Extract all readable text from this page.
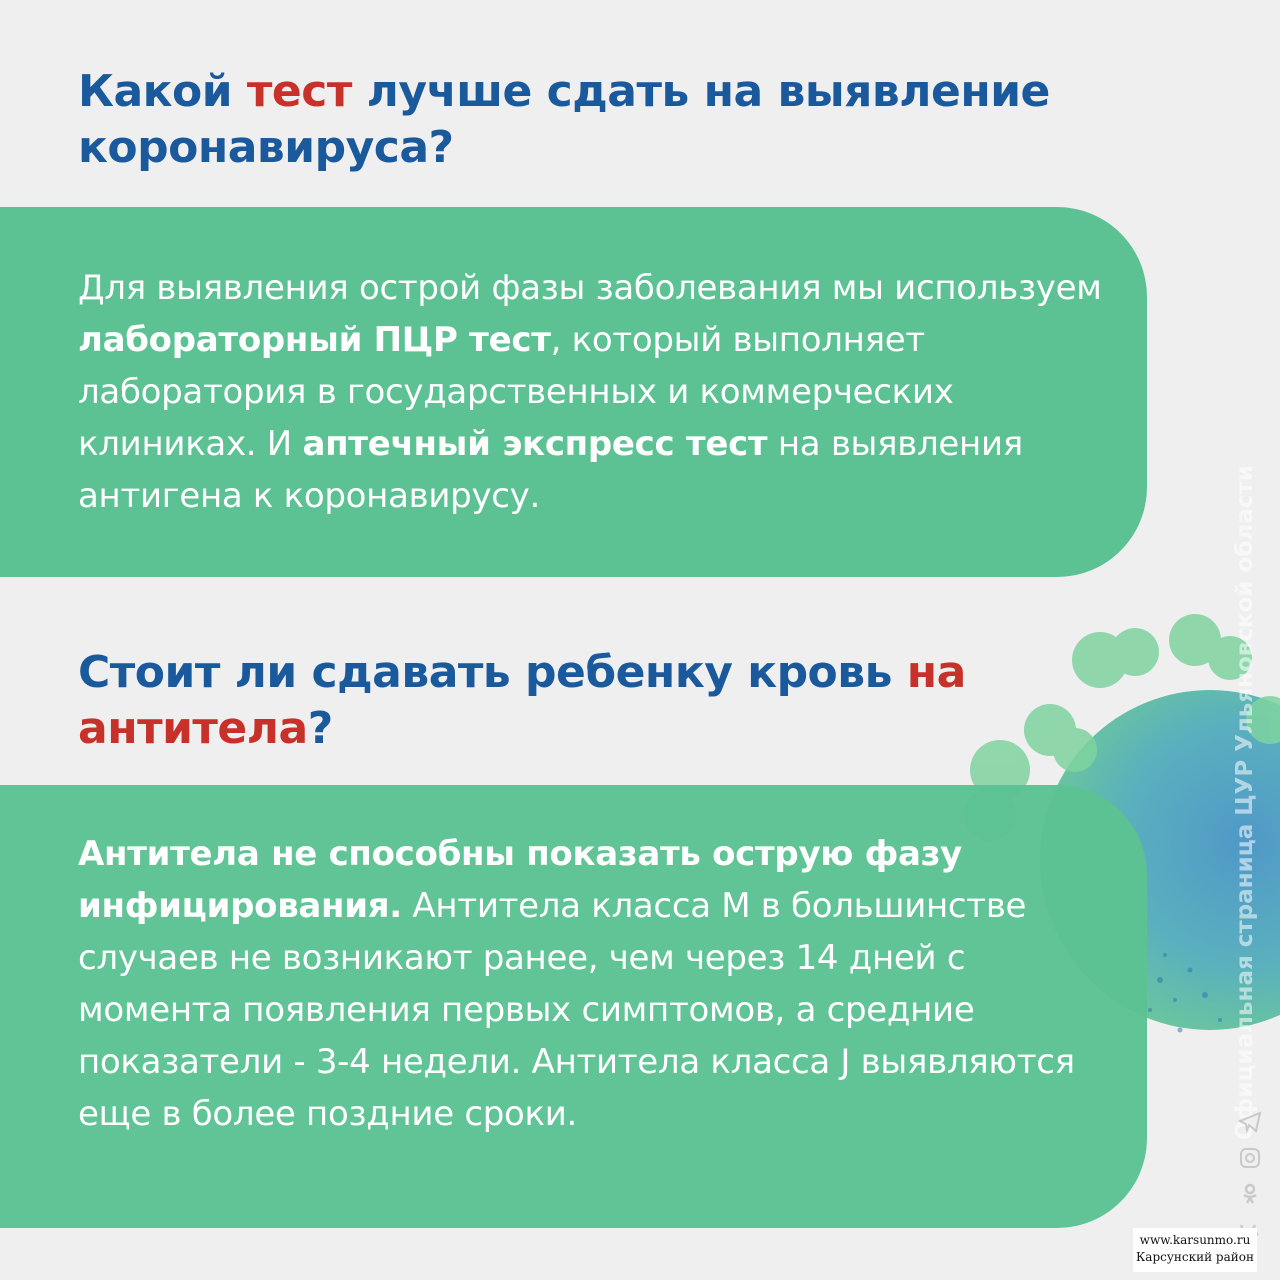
Какой тест лучше сдать на выявление коронавируса?

Для выявления острой фазы заболевания мы используем лабораторный ПЦР тест, который выполняет лаборатория в государственных и коммерческих клиниках. И аптечный экспресс тест на выявления антигена к коронавирусу.

Стоит ли сдавать ребенку кровь на антитела?

Антитела не способны показать острую фазу инфицирования. Антитела класса М в большинстве случаев не возникают ранее, чем через 14 дней с момента появления первых симптомов, а средние показатели - 3-4 недели. Антитела класса J выявляются еще в более поздние сроки.	Официальная страница ЦУР Ульяновской области
www.karsunmo.ru
Карсунский район
